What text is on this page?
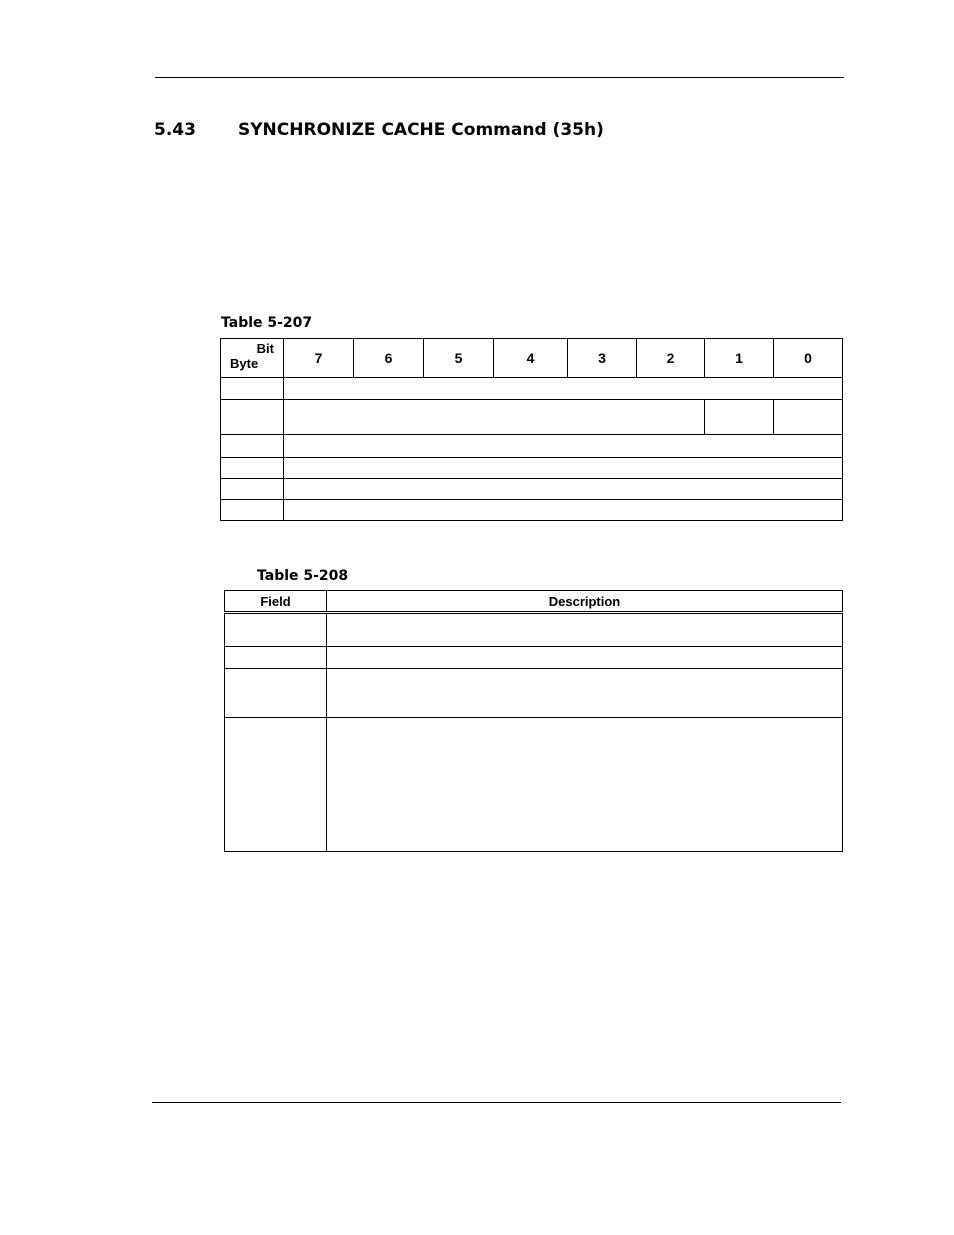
5.43 SYNCHRONIZE CACHE Command (35h)
Table 5-207
Bit
Byte	7	6	5	4	3	2	1	0

Table 5-208
Field	Description
